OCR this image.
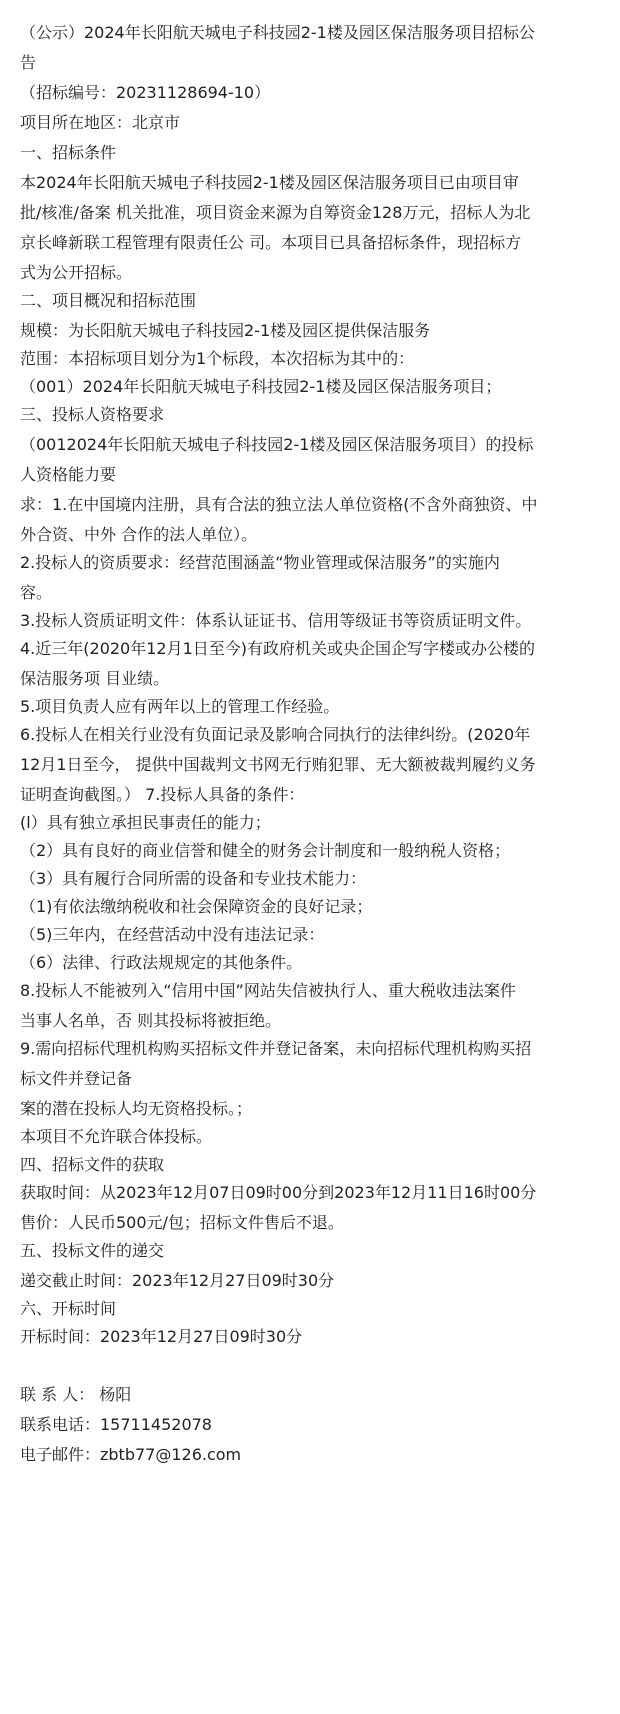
（公示）2024年长阳航天城电子科技园2-1楼及园区保洁服务项目招标公
告
（招标编号：20231128694-10）
项目所在地区：北京市
一、招标条件
本2024年长阳航天城电子科技园2-1楼及园区保洁服务项目已由项目审
批/核准/备案 机关批准，项目资金来源为自筹资金128万元，招标人为北
京长峰新联工程管理有限责任公 司。本项目已具备招标条件，现招标方
式为公开招标。
二、项目概况和招标范围
规模：为长阳航天城电子科技园2-1楼及园区提供保洁服务
范围：本招标项目划分为1个标段，本次招标为其中的：
（001）2024年长阳航天城电子科技园2-1楼及园区保洁服务项目；
三、投标人资格要求
（0012024年长阳航天城电子科技园2-1楼及园区保洁服务项目）的投标
人资格能力要
求：1.在中国境内注册，具有合法的独立法人单位资格(不含外商独资、中
外合资、中外 合作的法人单位）。
2.投标人的资质要求：经营范围涵盖“物业管理或保洁服务”的实施内
容。
3.投标人资质证明文件：体系认证证书、信用等级证书等资质证明文件。
4.近三年(2020年12月1日至今)有政府机关或央企国企写字楼或办公楼的
保洁服务项 目业绩。
5.项目负责人应有两年以上的管理工作经验。
6.投标人在相关行业没有负面记录及影响合同执行的法律纠纷。(2020年
12月1日至今， 提供中国裁判文书网无行贿犯罪、无大额被裁判履约义务
证明查询截图。） 7.投标人具备的条件：
(l）具有独立承担民事责任的能力；
（2）具有良好的商业信誉和健全的财务会计制度和一般纳税人资格；
（3）具有履行合同所需的设备和专业技术能力：
（1)有依法缴纳税收和社会保障资金的良好记录；
（5)三年内，在经营活动中没有违法记录：
（6）法律、行政法规规定的其他条件。
8.投标人不能被列入“信用中国”网站失信被执行人、重大税收违法案件
当事人名单，否 则其投标将被拒绝。
9.需向招标代理机构购买招标文件并登记备案，未向招标代理机构购买招
标文件并登记备
案的潜在投标人均无资格投标。；
本项目不允许联合体投标。
四、招标文件的获取
获取时间：从2023年12月07日09时00分到2023年12月11日16时00分
售价：人民币500元/包；招标文件售后不退。
五、投标文件的递交
递交截止时间：2023年12月27日09时30分
六、开标时间
开标时间：2023年12月27日09时30分
联 系 人： 杨阳
联系电话：15711452078
电子邮件：zbtb77@126.com
